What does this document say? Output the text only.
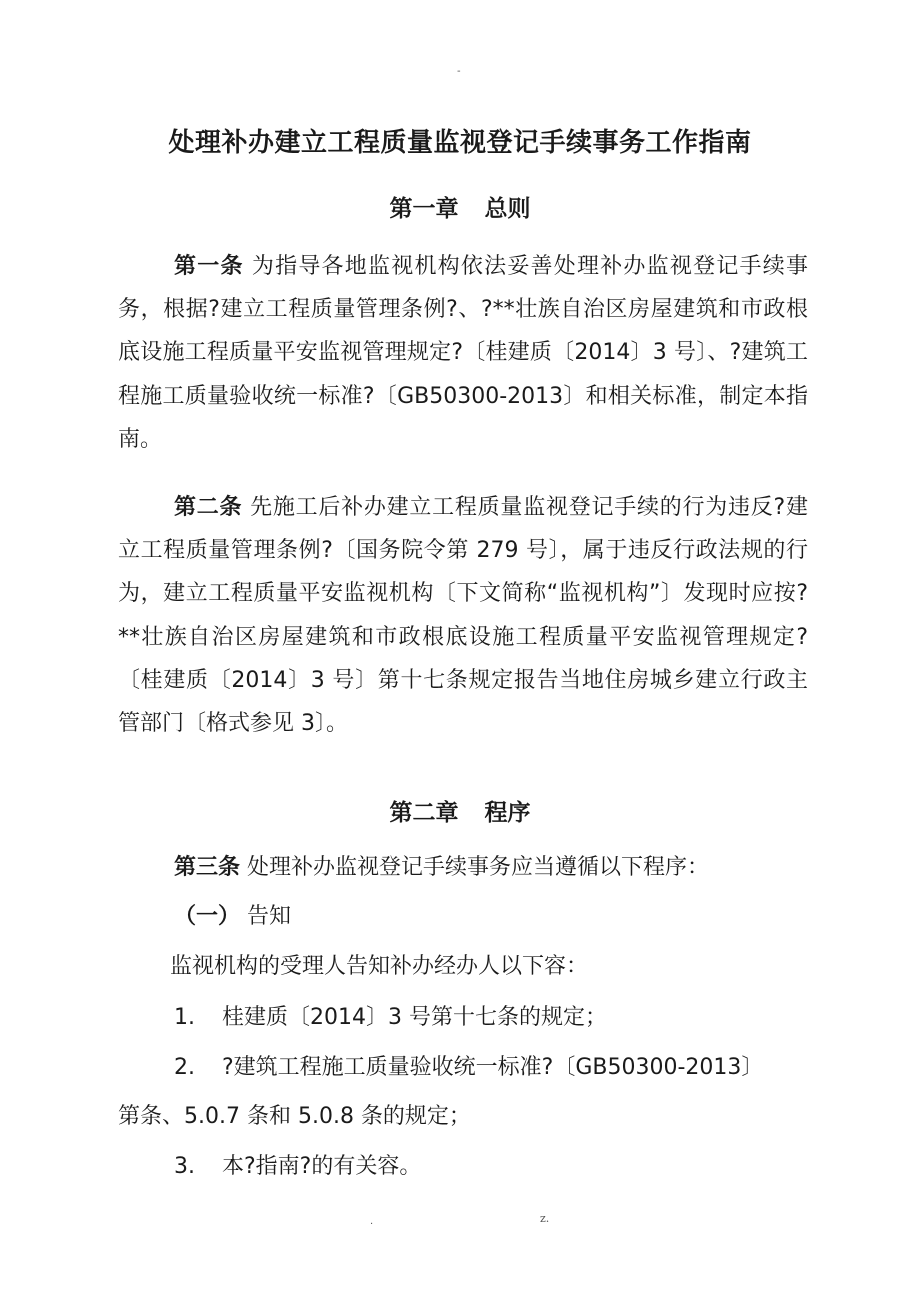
-
处理补办建立工程质量监视登记手续事务工作指南
第一章 总则
第一条 为指导各地监视机构依法妥善处理补办监视登记手续事务，根据?建立工程质量管理条例?、?**壮族自治区房屋建筑和市政根底设施工程质量平安监视管理规定?〔桂建质〔2014〕3 号〕、?建筑工程施工质量验收统一标准?〔GB50300-2013〕和相关标准，制定本指南。
第二条 先施工后补办建立工程质量监视登记手续的行为违反?建立工程质量管理条例?〔国务院令第 279 号〕，属于违反行政法规的行为，建立工程质量平安监视机构〔下文简称“监视机构”〕发现时应按?**壮族自治区房屋建筑和市政根底设施工程质量平安监视管理规定?〔桂建质〔2014〕3 号〕第十七条规定报告当地住房城乡建立行政主管部门〔格式参见 3〕。
第二章 程序
第三条 处理补办监视登记手续事务应当遵循以下程序：
（一） 告知
监视机构的受理人告知补办经办人以下容：
1. 桂建质〔2014〕3 号第十七条的规定；
2. ?建筑工程施工质量验收统一标准?〔GB50300-2013〕
第条、5.0.7 条和 5.0.8 条的规定；
3. 本?指南?的有关容。
.	z.
